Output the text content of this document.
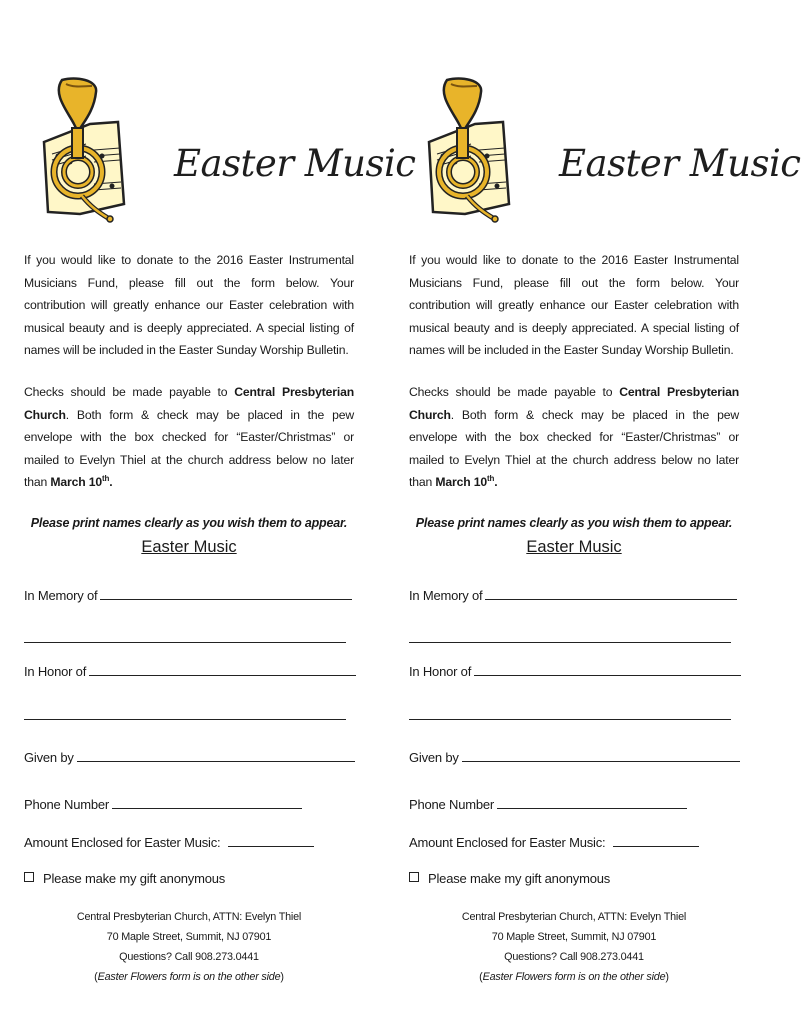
Easter Music

If you would like to donate to the 2016 Easter Instrumental Musicians Fund, please fill out the form below. Your contribution will greatly enhance our Easter celebration with musical beauty and is deeply appreciated. A special listing of names will be included in the Easter Sunday Worship Bulletin.

Checks should be made payable to Central Presbyterian Church. Both form & check may be placed in the pew envelope with the box checked for “Easter/Christmas” or mailed to Evelyn Thiel at the church address below no later than March 10th.

Please print names clearly as you wish them to appear.
Easter Music
In Memory of
In Honor of
Given by
Phone Number
Amount Enclosed for Easter Music:
Please make my gift anonymous
Central Presbyterian Church, ATTN: Evelyn Thiel
70 Maple Street, Summit, NJ 07901
Questions? Call 908.273.0441
(Easter Flowers form is on the other side)
Easter Music

If you would like to donate to the 2016 Easter Instrumental Musicians Fund, please fill out the form below. Your contribution will greatly enhance our Easter celebration with musical beauty and is deeply appreciated. A special listing of names will be included in the Easter Sunday Worship Bulletin.

Checks should be made payable to Central Presbyterian Church. Both form & check may be placed in the pew envelope with the box checked for “Easter/Christmas” or mailed to Evelyn Thiel at the church address below no later than March 10th.

Please print names clearly as you wish them to appear.
Easter Music
In Memory of
In Honor of
Given by
Phone Number
Amount Enclosed for Easter Music:
Please make my gift anonymous
Central Presbyterian Church, ATTN: Evelyn Thiel
70 Maple Street, Summit, NJ 07901
Questions? Call 908.273.0441
(Easter Flowers form is on the other side)
